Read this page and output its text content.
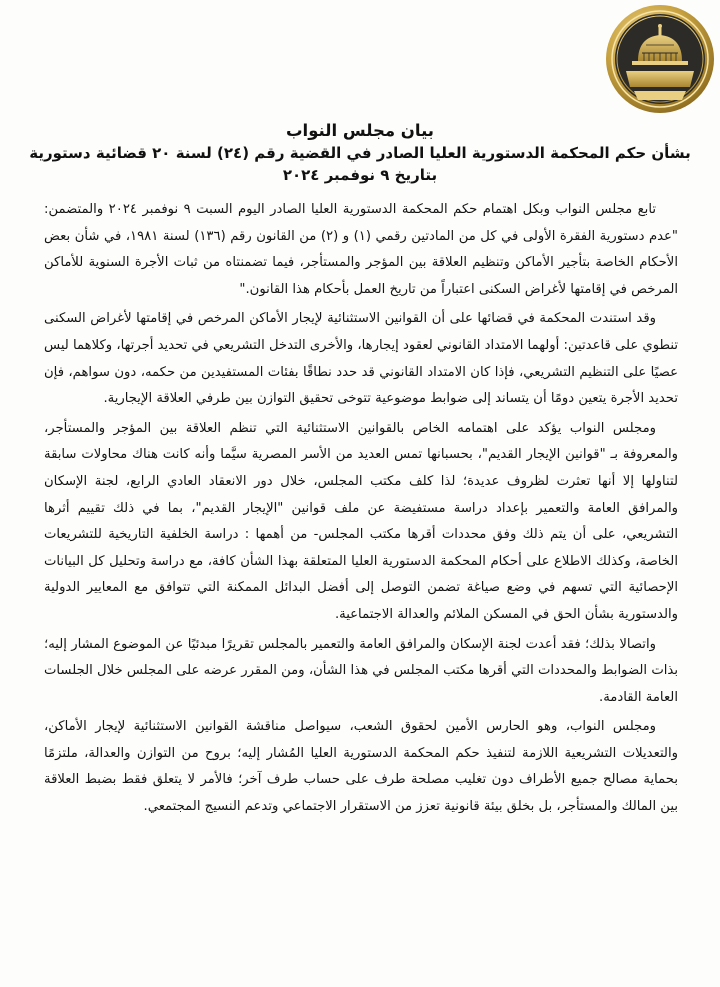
بيان مجلس النواب

بشأن حكم المحكمة الدستورية العليا الصادر في القضية رقم (٢٤) لسنة ٢٠ قضائية دستورية

بتاريخ ٩ نوفمبر ٢٠٢٤

تابع مجلس النواب وبكل اهتمام حكم المحكمة الدستورية العليا الصادر اليوم السبت ٩ نوفمبر ٢٠٢٤ والمتضمن: "عدم دستورية الفقرة الأولى في كل من المادتين رقمي (١) و (٢) من القانون رقم (١٣٦) لسنة ١٩٨١، في شأن بعض الأحكام الخاصة بتأجير الأماكن وتنظيم العلاقة بين المؤجر والمستأجر، فيما تضمنتاه من ثبات الأجرة السنوية للأماكن المرخص في إقامتها لأغراض السكنى اعتباراً من تاريخ العمل بأحكام هذا القانون."

وقد استندت المحكمة في قضائها على أن القوانين الاستثنائية لإيجار الأماكن المرخص في إقامتها لأغراض السكنى تنطوي على قاعدتين: أولهما الامتداد القانوني لعقود إيجارها، والأخرى التدخل التشريعي في تحديد أجرتها، وكلاهما ليس عصيًا على التنظيم التشريعي، فإذا كان الامتداد القانوني قد حدد نطاقًا بفئات المستفيدين من حكمه، دون سواهم، فإن تحديد الأجرة يتعين دومًا أن يتساند إلى ضوابط موضوعية تتوخى تحقيق التوازن بين طرفي العلاقة الإيجارية.

ومجلس النواب يؤكد على اهتمامه الخاص بالقوانين الاستثنائية التي تنظم العلاقة بين المؤجر والمستأجر، والمعروفة بـ "قوانين الإيجار القديم"، بحسبانها تمس العديد من الأسر المصرية سيَّما وأنه كانت هناك محاولات سابقة لتناولها إلا أنها تعثرت لظروف عديدة؛ لذا كلف مكتب المجلس، خلال دور الانعقاد العادي الرابع، لجنة الإسكان والمرافق العامة والتعمير بإعداد دراسة مستفيضة عن ملف قوانين "الإيجار القديم"، بما في ذلك تقييم أثرها التشريعي، على أن يتم ذلك وفق محددات أقرها مكتب المجلس- من أهمها : دراسة الخلفية التاريخية للتشريعات الخاصة، وكذلك الاطلاع على أحكام المحكمة الدستورية العليا المتعلقة بهذا الشأن كافة، مع دراسة وتحليل كل البيانات الإحصائية التي تسهم في وضع صياغة تضمن التوصل إلى أفضل البدائل الممكنة التي تتوافق مع المعايير الدولية والدستورية بشأن الحق في المسكن الملائم والعدالة الاجتماعية.

واتصالا بذلك؛ فقد أعدت لجنة الإسكان والمرافق العامة والتعمير بالمجلس تقريرًا مبدئيًا عن الموضوع المشار إليه؛ بذات الضوابط والمحددات التي أقرها مكتب المجلس في هذا الشأن، ومن المقرر عرضه على المجلس خلال الجلسات العامة القادمة.

ومجلس النواب، وهو الحارس الأمين لحقوق الشعب، سيواصل مناقشة القوانين الاستثنائية لإيجار الأماكن، والتعديلات التشريعية اللازمة لتنفيذ حكم المحكمة الدستورية العليا المُشار إليه؛ بروح من التوازن والعدالة، ملتزمًا بحماية مصالح جميع الأطراف دون تغليب مصلحة طرف على حساب طرف آخر؛ فالأمر لا يتعلق فقط بضبط العلاقة بين المالك والمستأجر، بل بخلق بيئة قانونية تعزز من الاستقرار الاجتماعي وتدعم النسيج المجتمعي.
